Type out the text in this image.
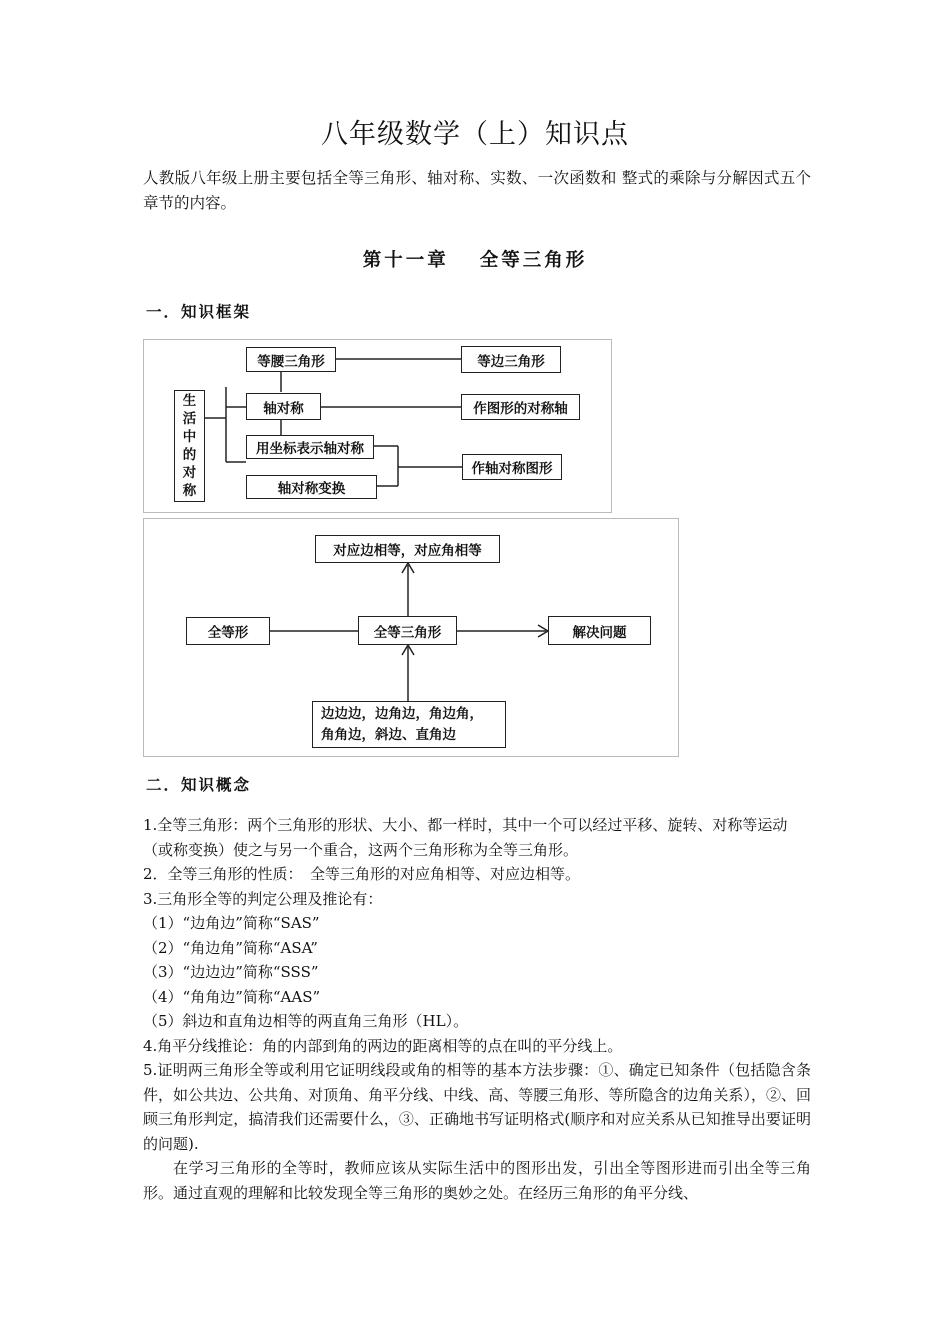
八年级数学（上）知识点
人教版八年级上册主要包括全等三角形、轴对称、实数、一次函数和 整式的乘除与分解因式五个章节的内容。
第十一章　 全等三角形
一．知识框架
生
活
中
的
对
称
等腰三角形
轴对称
用坐标表示轴对称
轴对称变换
等边三角形
作图形的对称轴
作轴对称图形
对应边相等，对应角相等
全等形	全等三角形	解决问题
边边边，边角边，角边角，
角角边，斜边、直角边
二．知识概念

1.全等三角形：两个三角形的形状、大小、都一样时，其中一个可以经过平移、旋转、对称等运动（或称变换）使之与另一个重合，这两个三角形称为全等三角形。

2．全等三角形的性质：　全等三角形的对应角相等、对应边相等。

3.三角形全等的判定公理及推论有：

（1）“边角边”简称“SAS”

（2）“角边角”简称“ASA”

（3）“边边边”简称“SSS”

（4）“角角边”简称“AAS”

（5）斜边和直角边相等的两直角三角形（HL）。

4.角平分线推论：角的内部到角的两边的距离相等的点在叫的平分线上。

5.证明两三角形全等或利用它证明线段或角的相等的基本方法步骤：①、确定已知条件（包括隐含条件，如公共边、公共角、对顶角、角平分线、中线、高、等腰三角形、等所隐含的边角关系），②、回顾三角形判定，搞清我们还需要什么，③、正确地书写证明格式(顺序和对应关系从已知推导出要证明的问题).

在学习三角形的全等时，教师应该从实际生活中的图形出发，引出全等图形进而引出全等三角形。通过直观的理解和比较发现全等三角形的奥妙之处。在经历三角形的角平分线、
